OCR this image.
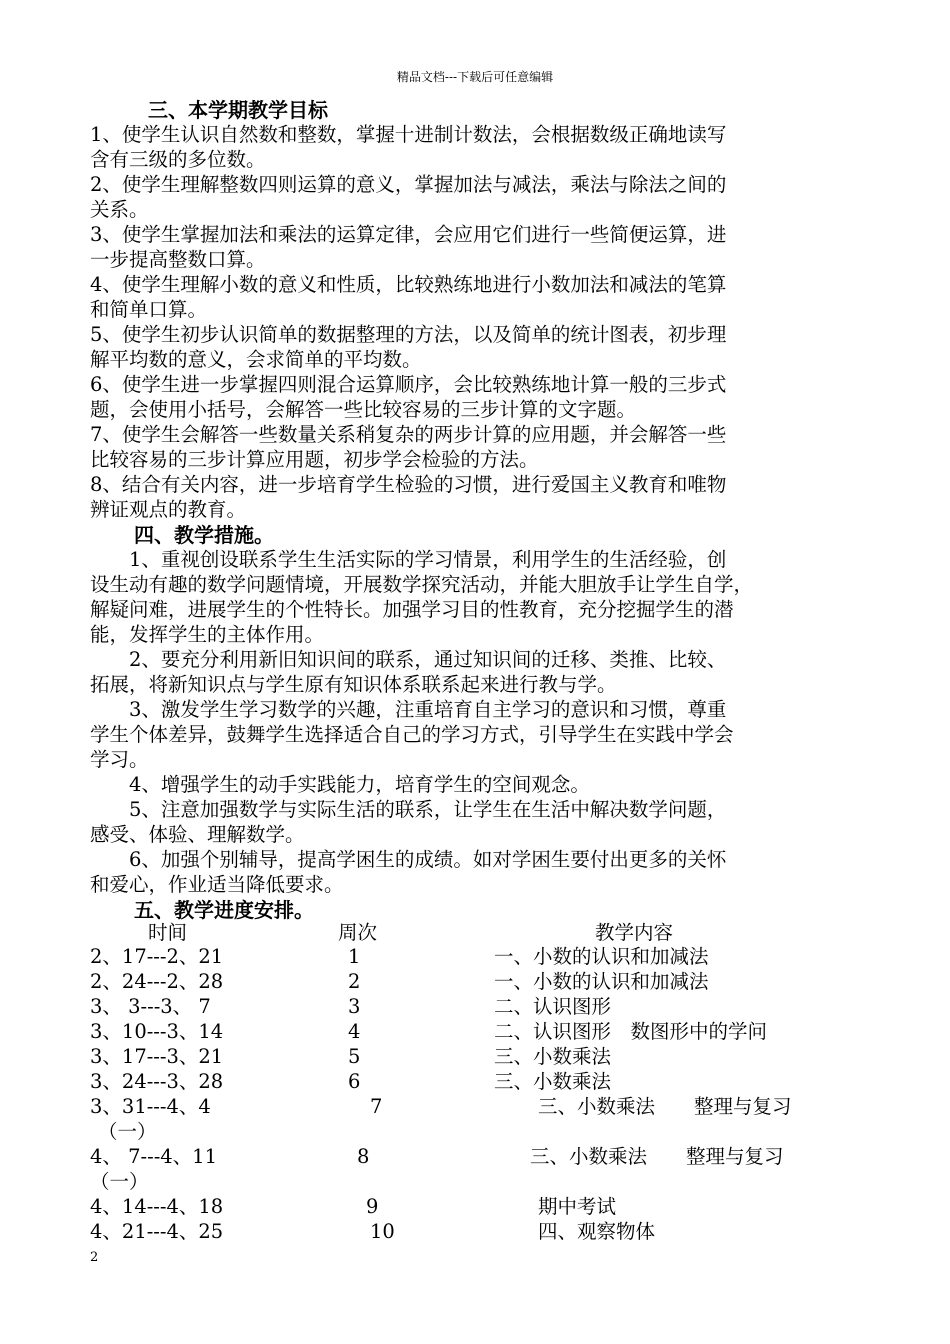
精品文档---下载后可任意编辑
三、本学期教学目标
1、使学生认识自然数和整数，掌握十进制计数法，会根据数级正确地读写
含有三级的多位数。
2、使学生理解整数四则运算的意义，掌握加法与减法，乘法与除法之间的
关系。
3、使学生掌握加法和乘法的运算定律，会应用它们进行一些简便运算，进
一步提高整数口算。
4、使学生理解小数的意义和性质，比较熟练地进行小数加法和减法的笔算
和简单口算。
5、使学生初步认识简单的数据整理的方法，以及简单的统计图表，初步理
解平均数的意义，会求简单的平均数。
6、使学生进一步掌握四则混合运算顺序，会比较熟练地计算一般的三步式
题，会使用小括号，会解答一些比较容易的三步计算的文字题。
7、使学生会解答一些数量关系稍复杂的两步计算的应用题，并会解答一些
比较容易的三步计算应用题，初步学会检验的方法。
8、结合有关内容，进一步培育学生检验的习惯，进行爱国主义教育和唯物
辨证观点的教育。
四、教学措施。
　　1、重视创设联系学生生活实际的学习情景，利用学生的生活经验，创
设生动有趣的数学问题情境，开展数学探究活动，并能大胆放手让学生自学，
解疑问难，进展学生的个性特长。加强学习目的性教育，充分挖掘学生的潜
能，发挥学生的主体作用。
　　2、要充分利用新旧知识间的联系，通过知识间的迁移、类推、比较、
拓展，将新知识点与学生原有知识体系联系起来进行教与学。
　　3、激发学生学习数学的兴趣，注重培育自主学习的意识和习惯，尊重
学生个体差异，鼓舞学生选择适合自己的学习方式，引导学生在实践中学会
学习。
　　4、增强学生的动手实践能力，培育学生的空间观念。
　　5、注意加强数学与实际生活的联系，让学生在生活中解决数学问题，
感受、体验、理解数学。
　　6、加强个别辅导，提高学困生的成绩。如对学困生要付出更多的关怀
和爱心，作业适当降低要求。
五、教学进度安排。
时间	周次	教学内容
2、17---2、21	1	一、小数的认识和加减法
2、24---2、28	2	一、小数的认识和加减法
3、 3---3、 7	3	二、认识图形
3、10---3、14	4	二、认识图形　数图形中的学问
3、17---3、21	5	三、小数乘法
3、24---3、28	6	三、小数乘法
3、31---4、4	7	三、小数乘法　　整理与复习
（一）
4、 7---4、11	8	三、小数乘法　　整理与复习
（一）
4、14---4、18	9	期中考试
4、21---4、25	10	四、观察物体
2
